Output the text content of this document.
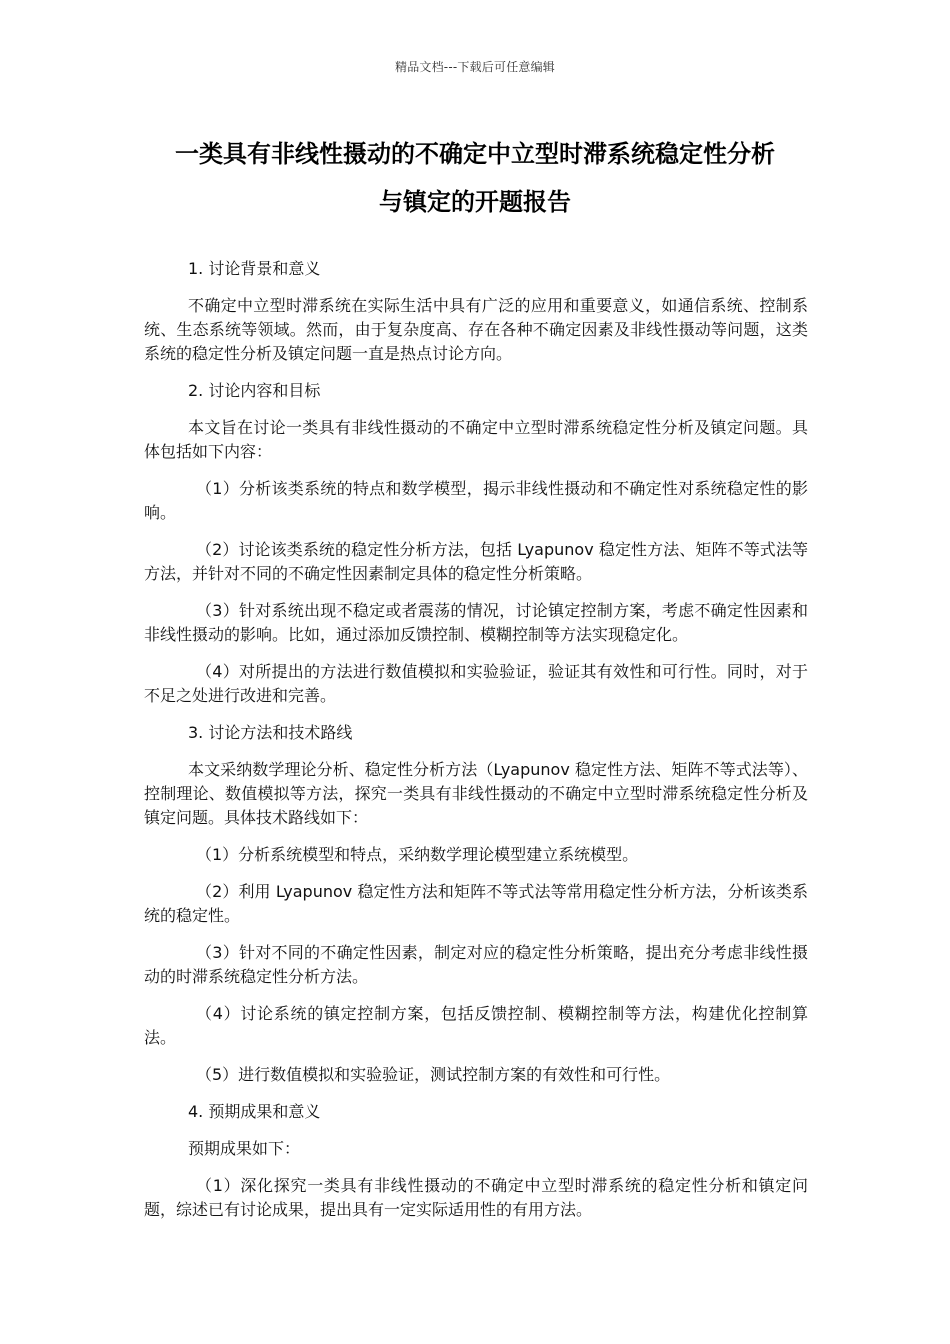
精品文档---下载后可任意编辑
一类具有非线性摄动的不确定中立型时滞系统稳定性分析
与镇定的开题报告

1. 讨论背景和意义

不确定中立型时滞系统在实际生活中具有广泛的应用和重要意义，如通信系统、控制系统、生态系统等领域。然而，由于复杂度高、存在各种不确定因素及非线性摄动等问题，这类系统的稳定性分析及镇定问题一直是热点讨论方向。

2. 讨论内容和目标

本文旨在讨论一类具有非线性摄动的不确定中立型时滞系统稳定性分析及镇定问题。具体包括如下内容：

（1）分析该类系统的特点和数学模型，揭示非线性摄动和不确定性对系统稳定性的影响。

（2）讨论该类系统的稳定性分析方法，包括 Lyapunov 稳定性方法、矩阵不等式法等方法，并针对不同的不确定性因素制定具体的稳定性分析策略。

（3）针对系统出现不稳定或者震荡的情况，讨论镇定控制方案，考虑不确定性因素和非线性摄动的影响。比如，通过添加反馈控制、模糊控制等方法实现稳定化。

（4）对所提出的方法进行数值模拟和实验验证，验证其有效性和可行性。同时，对于不足之处进行改进和完善。

3. 讨论方法和技术路线

本文采纳数学理论分析、稳定性分析方法（Lyapunov 稳定性方法、矩阵不等式法等）、控制理论、数值模拟等方法，探究一类具有非线性摄动的不确定中立型时滞系统稳定性分析及镇定问题。具体技术路线如下：

（1）分析系统模型和特点，采纳数学理论模型建立系统模型。

（2）利用 Lyapunov 稳定性方法和矩阵不等式法等常用稳定性分析方法，分析该类系统的稳定性。

（3）针对不同的不确定性因素，制定对应的稳定性分析策略，提出充分考虑非线性摄动的时滞系统稳定性分析方法。

（4）讨论系统的镇定控制方案，包括反馈控制、模糊控制等方法，构建优化控制算法。

（5）进行数值模拟和实验验证，测试控制方案的有效性和可行性。

4. 预期成果和意义

预期成果如下：

（1）深化探究一类具有非线性摄动的不确定中立型时滞系统的稳定性分析和镇定问题，综述已有讨论成果，提出具有一定实际适用性的有用方法。
